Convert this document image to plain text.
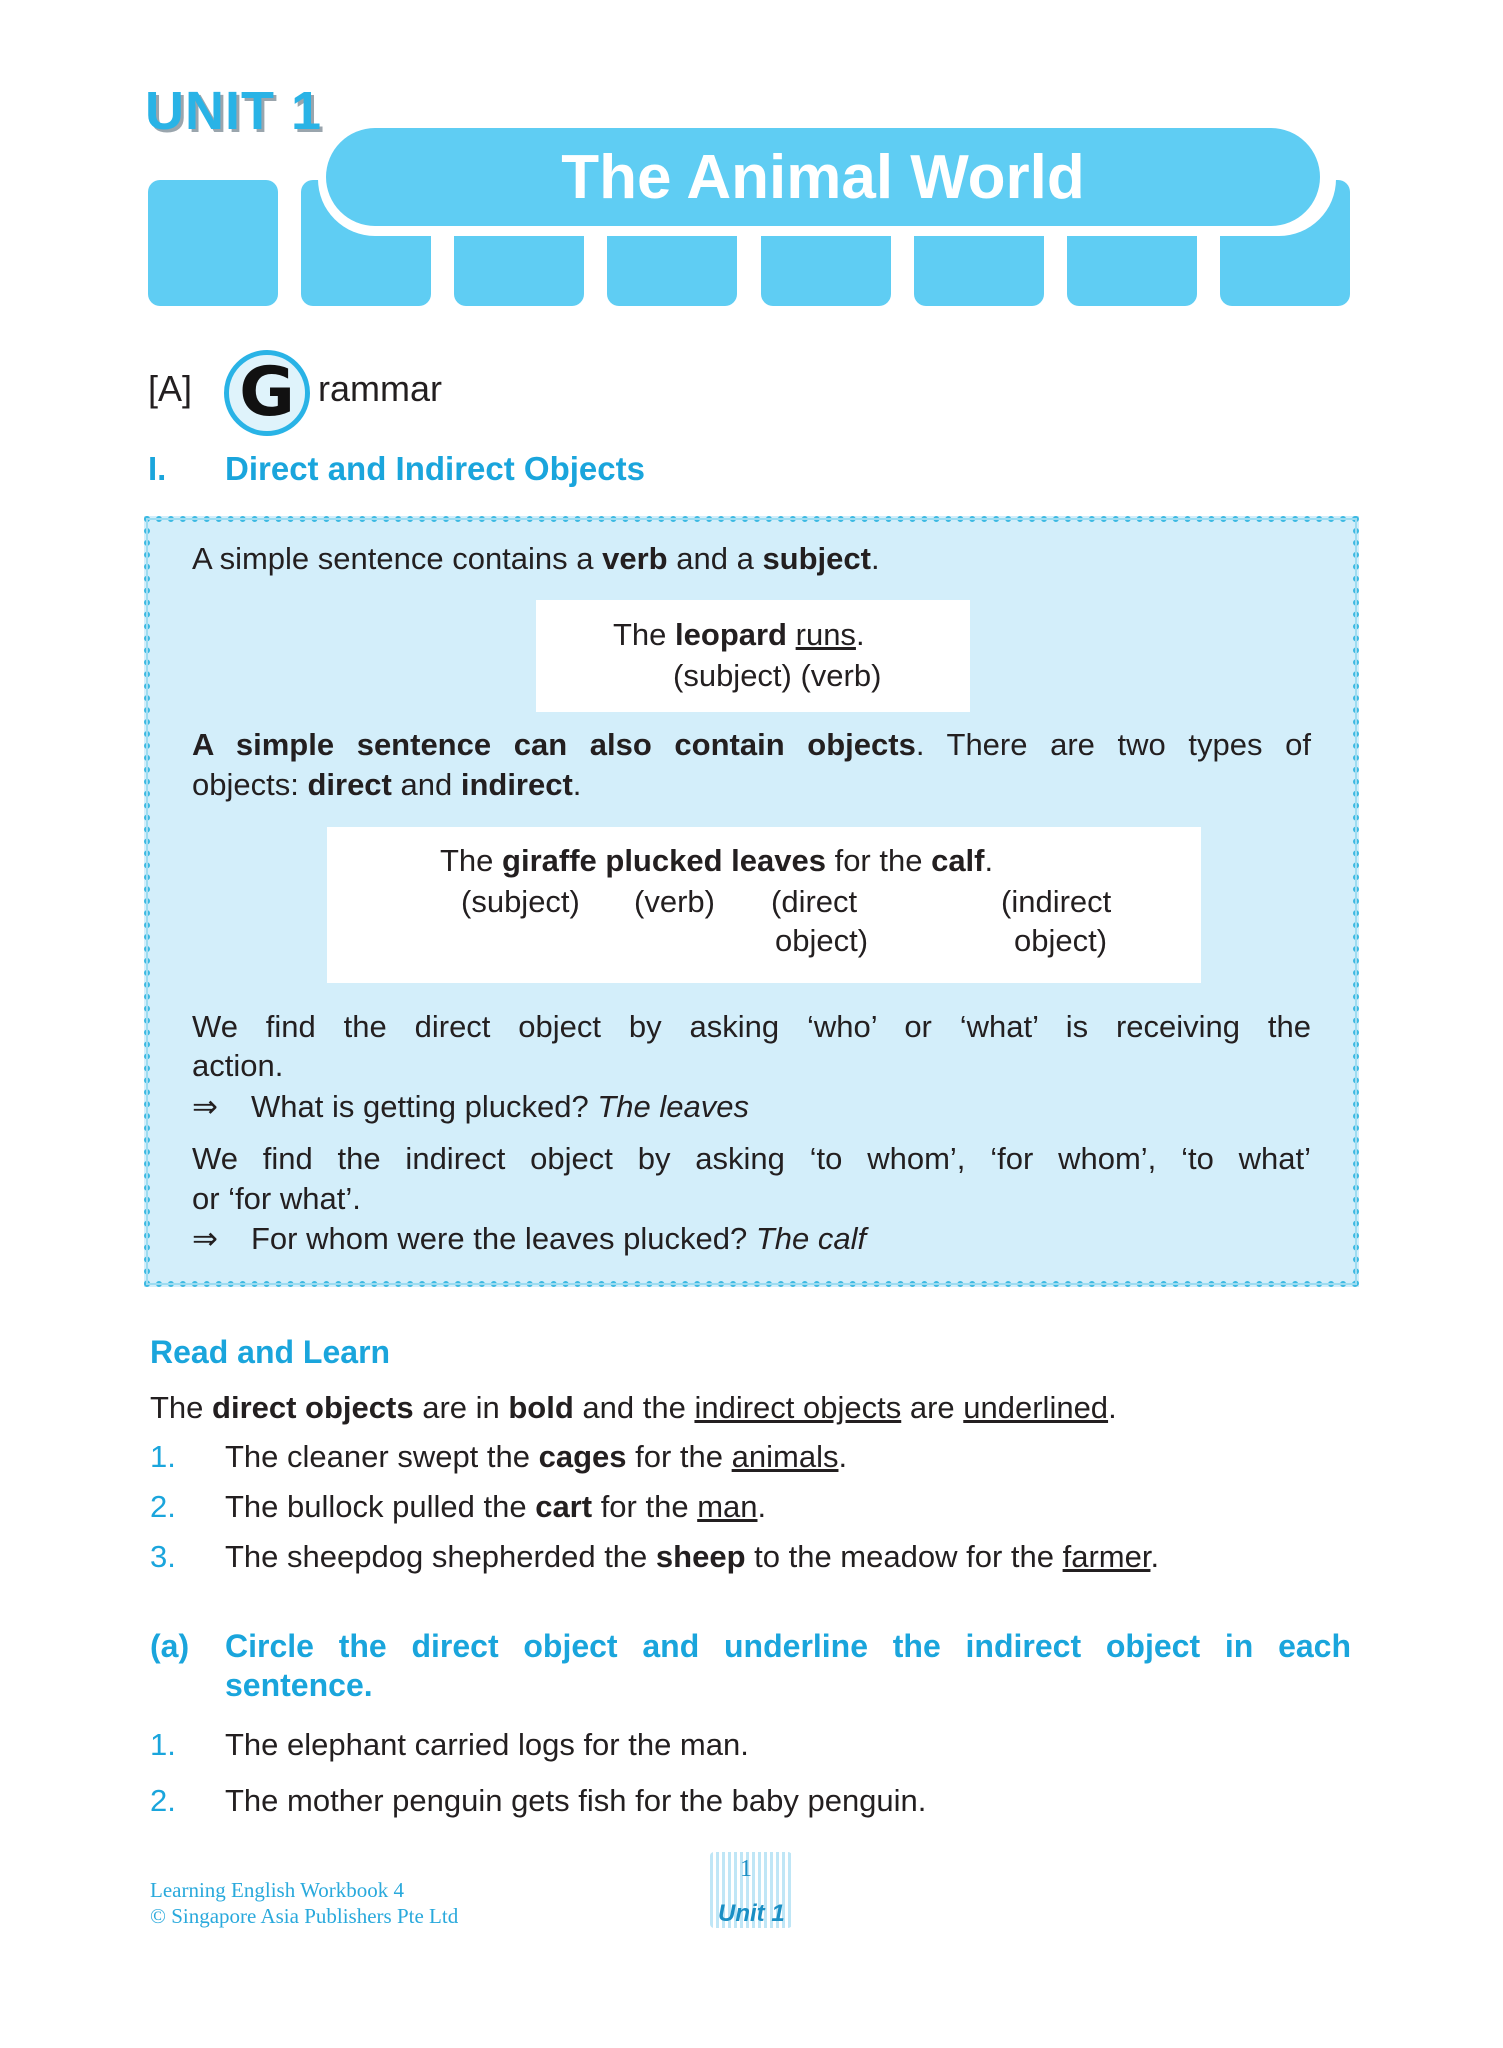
UNIT 1
The Animal World
[A] G rammar
I. Direct and Indirect Objects
A simple sentence contains a verb and a subject.
The leopard runs.
(subject) (verb)
A simple sentence can also contain objects. There are two types of
objects: direct and indirect.
The giraffe plucked leaves for the calf.
(subject) (verb) (direct
object)
(indirect
object)
We find the direct object by asking ‘who’ or ‘what’ is receiving the
action.
⇒ What is getting plucked? The leaves
We find the indirect object by asking ‘to whom’, ‘for whom’, ‘to what’
or ‘for what’.
⇒ For whom were the leaves plucked? The calf
Read and Learn
The direct objects are in bold and the indirect objects are underlined.
1. The cleaner swept the cages for the animals.
2. The bullock pulled the cart for the man.
3. The sheepdog shepherded the sheep to the meadow for the farmer.
(a) Circle the direct object and underline the indirect object in each
sentence.
1. The elephant carried logs for the man.
2. The mother penguin gets fish for the baby penguin.
Learning English Workbook 4
© Singapore Asia Publishers Pte Ltd
1
Unit 1
